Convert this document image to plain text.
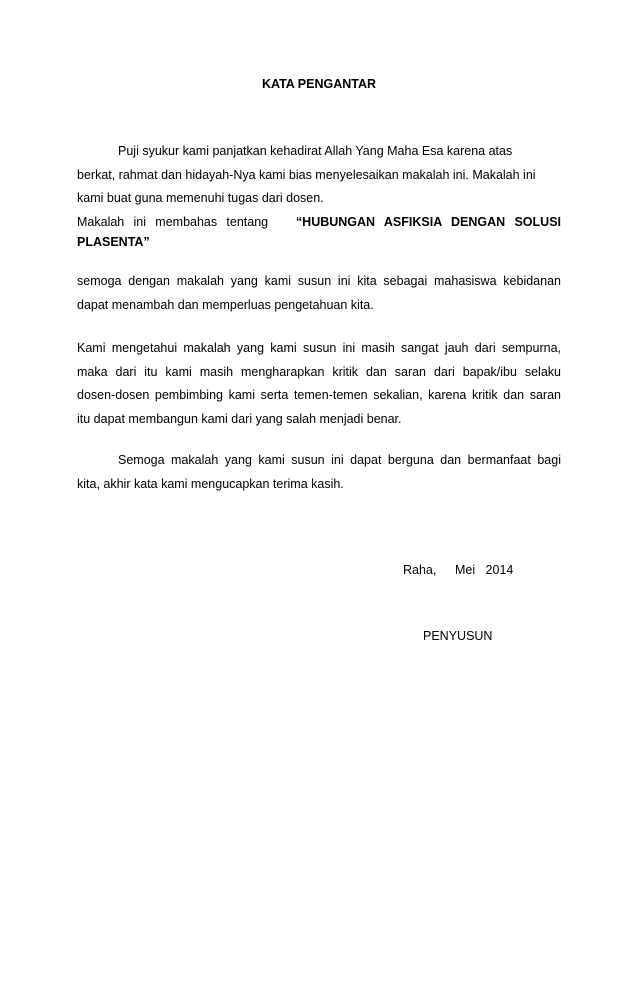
KATA PENGANTAR
Puji syukur kami panjatkan kehadirat Allah Yang Maha Esa karena atas
berkat, rahmat dan hidayah-Nya kami bias menyelesaikan makalah ini. Makalah ini
kami buat guna memenuhi tugas dari dosen.
Makalah ini membahas tentang “HUBUNGAN ASFIKSIA DENGAN SOLUSI
PLASENTA”
semoga dengan makalah yang kami susun ini kita sebagai mahasiswa kebidanan
dapat menambah dan memperluas pengetahuan kita.
Kami mengetahui makalah yang kami susun ini masih sangat jauh dari sempurna,
maka dari itu kami masih mengharapkan kritik dan saran dari bapak/ibu selaku
dosen-dosen pembimbing kami serta temen-temen sekalian, karena kritik dan saran
itu dapat membangun kami dari yang salah menjadi benar.
Semoga makalah yang kami susun ini dapat berguna dan bermanfaat bagi
kita, akhir kata kami mengucapkan terima kasih.
Raha, Mei   2014
PENYUSUN
